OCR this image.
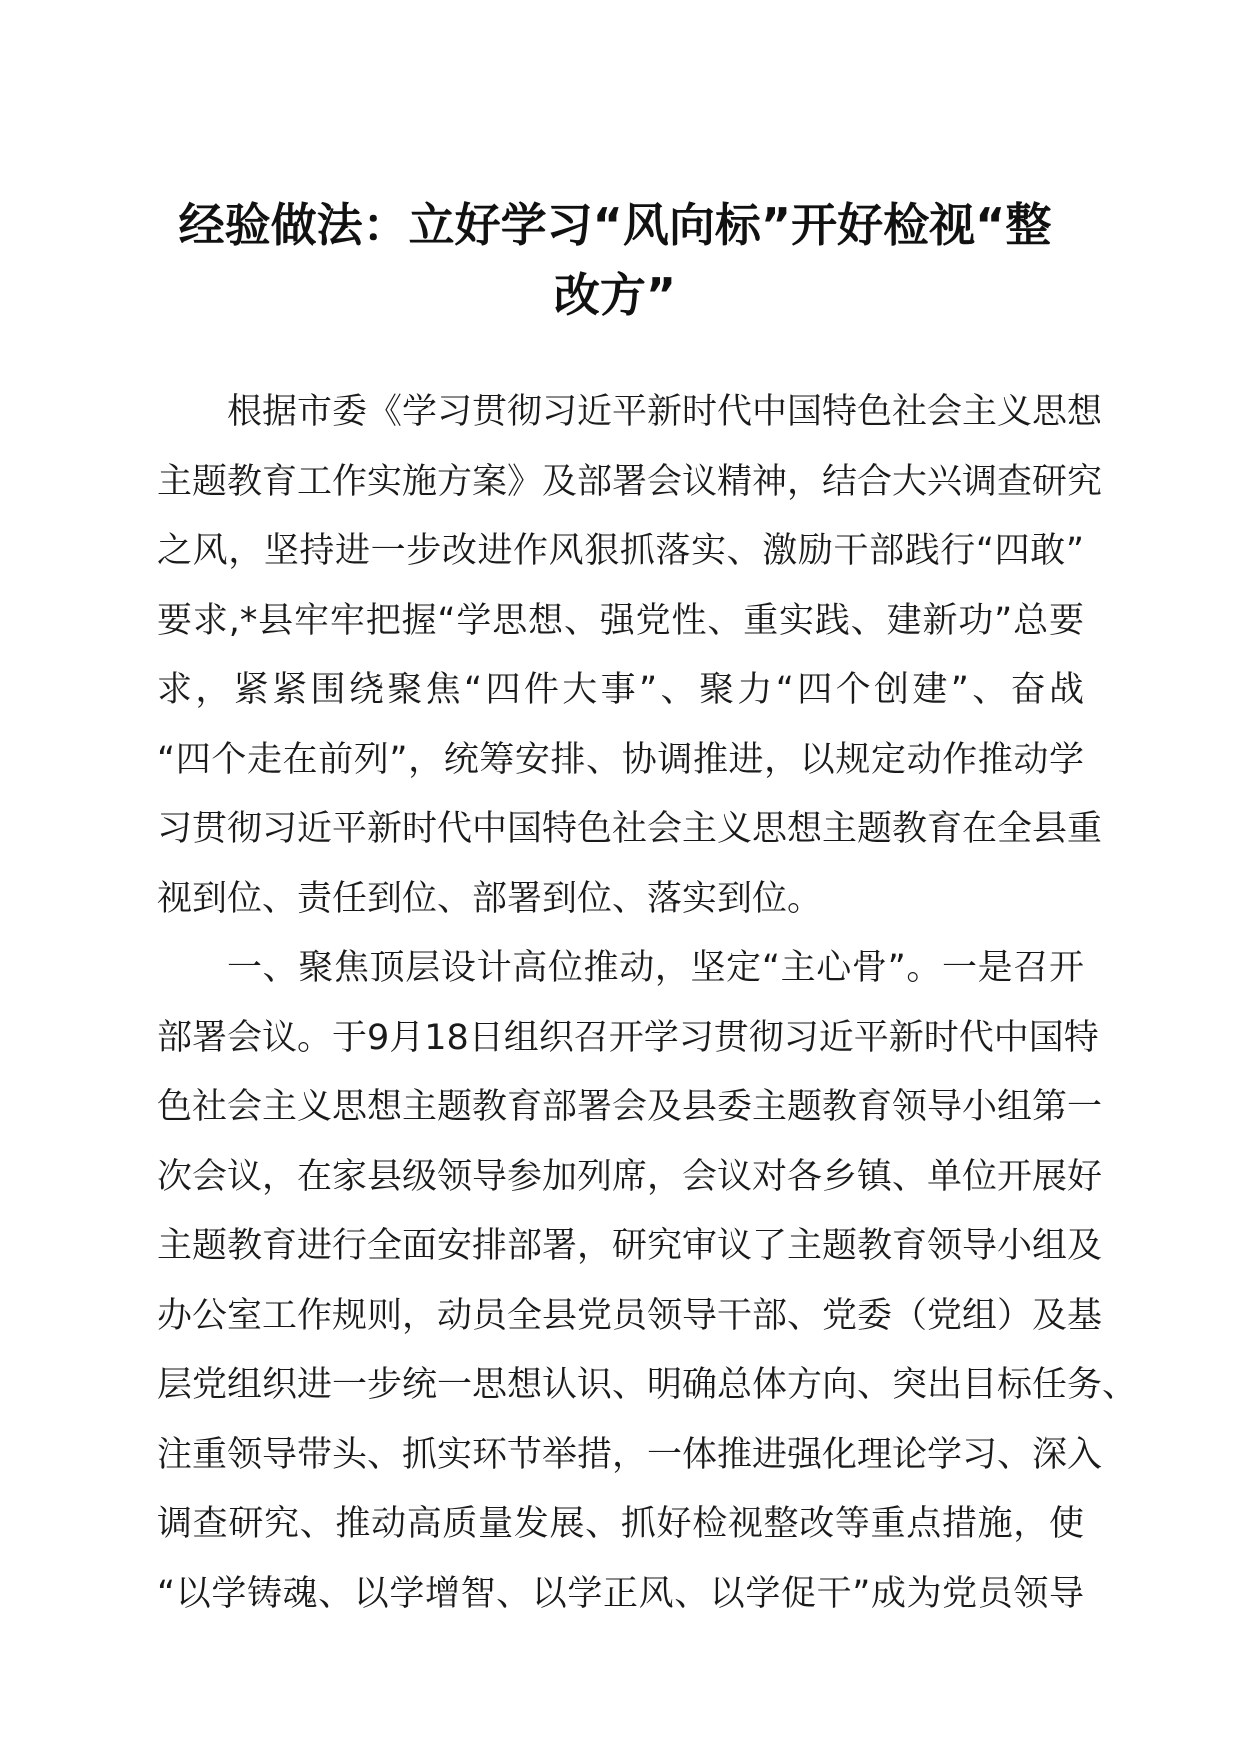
经验做法：立好学习“风向标”开好检视“整
改方”
根据市委《学习贯彻习近平新时代中国特色社会主义思想
主题教育工作实施方案》及部署会议精神，结合大兴调查研究
之风，坚持进一步改进作风狠抓落实、激励干部践行“四敢”
要求,*县牢牢把握“学思想、强党性、重实践、建新功”总要
求，紧紧围绕聚焦“四件大事”、聚力“四个创建”、奋战
“四个走在前列”，统筹安排、协调推进，以规定动作推动学
习贯彻习近平新时代中国特色社会主义思想主题教育在全县重
视到位、责任到位、部署到位、落实到位。
一、聚焦顶层设计高位推动，坚定“主心骨”。一是召开
部署会议。于9月18日组织召开学习贯彻习近平新时代中国特
色社会主义思想主题教育部署会及县委主题教育领导小组第一
次会议，在家县级领导参加列席，会议对各乡镇、单位开展好
主题教育进行全面安排部署，研究审议了主题教育领导小组及
办公室工作规则，动员全县党员领导干部、党委（党组）及基
层党组织进一步统一思想认识、明确总体方向、突出目标任务、
注重领导带头、抓实环节举措，一体推进强化理论学习、深入
调查研究、推动高质量发展、抓好检视整改等重点措施，使
“以学铸魂、以学增智、以学正风、以学促干”成为党员领导
